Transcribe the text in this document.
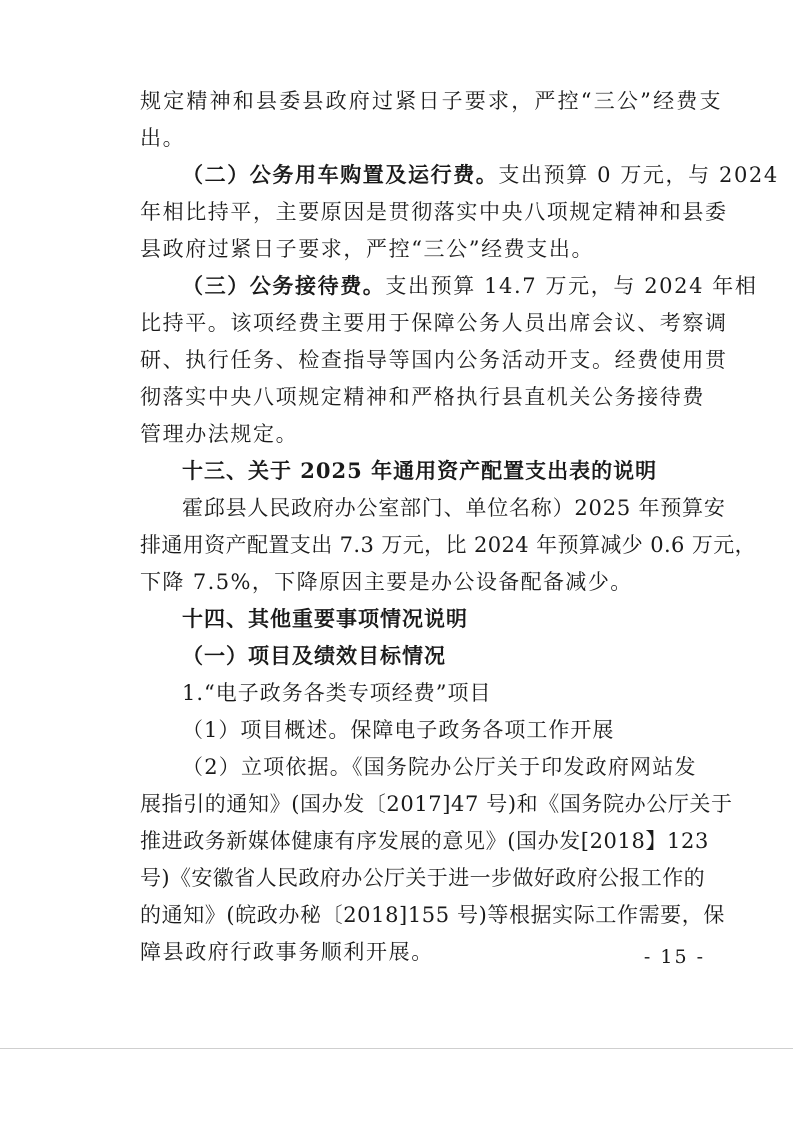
规定精神和县委县政府过紧日子要求，严控“三公”经费支
出。
（二）公务用车购置及运行费。支出预算 0 万元，与 2024
年相比持平，主要原因是贯彻落实中央八项规定精神和县委
县政府过紧日子要求，严控“三公”经费支出。
（三）公务接待费。支出预算 14.7 万元，与 2024 年相
比持平。该项经费主要用于保障公务人员出席会议、考察调
研、执行任务、检查指导等国内公务活动开支。经费使用贯
彻落实中央八项规定精神和严格执行县直机关公务接待费
管理办法规定。
十三、关于 2025 年通用资产配置支出表的说明
霍邱县人民政府办公室部门、单位名称）2025 年预算安
排通用资产配置支出 7.3 万元，比 2024 年预算减少 0.6 万元，
下降 7.5%，下降原因主要是办公设备配备减少。
十四、其他重要事项情况说明
（一）项目及绩效目标情况
1.“电子政务各类专项经费”项目
（1）项目概述。保障电子政务各项工作开展
（2）立项依据。《国务院办公厅关于印发政府网站发
展指引的通知》(国办发〔2017]47 号)和《国务院办公厅关于
推进政务新媒体健康有序发展的意见》(国办发[2018】123
号)《安徽省人民政府办公厅关于进一步做好政府公报工作的
的通知》(皖政办秘〔2018]155 号)等根据实际工作需要，保
障县政府行政事务顺利开展。	- 15 -
